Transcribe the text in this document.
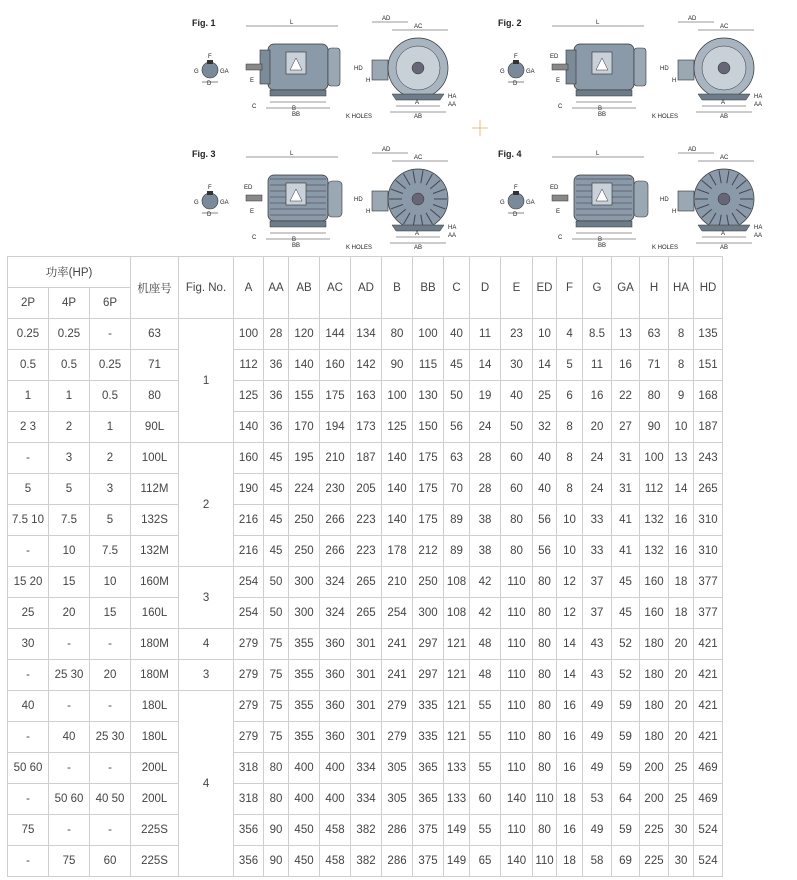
Fig. 1
F
G	GA
D
L
B
BB
C
E
AD
AC
HD
H
A
AB
HA
AA
K HOLES
Fig. 2
F
G	GA
D
L
B
BB
C
E
ED
AD
AC
HD
H
A
AB
HA
AA
K HOLES
Fig. 3
F
G	GA
D
L
B
BB
C
E
ED
AD
AC
HD
H
A
AB
HA
AA
K HOLES
Fig. 4
F
G	GA
D
L
B
BB
C
E
ED
AD
AC
HD
H
A
AB
HA
AA
K HOLES
功率(HP)			机座号	Fig. No.	A	AA	AB	AC	AD	B	BB	C	D	E	ED	F	G	GA	H	HA	HD		
2P	4P	6P																				
0.25	0.25	-	63	1	100	28	120	144	134	80	100	40	11	23	10	4	8.5	13	63	8	135		
0.5	0.5	0.25	71		112	36	140	160	142	90	115	45	14	30	14	5	11	16	71	8	151		
1	1	0.5	80		125	36	155	175	163	100	130	50	19	40	25	6	16	22	80	9	168		
2 3	2	1	90L		140	36	170	194	173	125	150	56	24	50	32	8	20	27	90	10	187		
-	3	2	100L	2	160	45	195	210	187	140	175	63	28	60	40	8	24	31	100	13	243		
5	5	3	112M		190	45	224	230	205	140	175	70	28	60	40	8	24	31	112	14	265		
7.5 10	7.5	5	132S		216	45	250	266	223	140	175	89	38	80	56	10	33	41	132	16	310		
-	10	7.5	132M		216	45	250	266	223	178	212	89	38	80	56	10	33	41	132	16	310		
15 20	15	10	160M	3	254	50	300	324	265	210	250	108	42	110	80	12	37	45	160	18	377		
25	20	15	160L		254	50	300	324	265	254	300	108	42	110	80	12	37	45	160	18	377		
30	-	-	180M	4	279	75	355	360	301	241	297	121	48	110	80	14	43	52	180	20	421		
-	25 30	20	180M	3	279	75	355	360	301	241	297	121	48	110	80	14	43	52	180	20	421		
40	-	-	180L	4	279	75	355	360	301	279	335	121	55	110	80	16	49	59	180	20	421		
-	40	25 30	180L		279	75	355	360	301	279	335	121	55	110	80	16	49	59	180	20	421		
50 60	-	-	200L		318	80	400	400	334	305	365	133	55	110	80	16	49	59	200	25	469		
-	50 60	40 50	200L		318	80	400	400	334	305	365	133	60	140	110	18	53	64	200	25	469		
75	-	-	225S		356	90	450	458	382	286	375	149	55	110	80	16	49	59	225	30	524		
-	75	60	225S		356	90	450	458	382	286	375	149	65	140	110	18	58	69	225	30	524		
